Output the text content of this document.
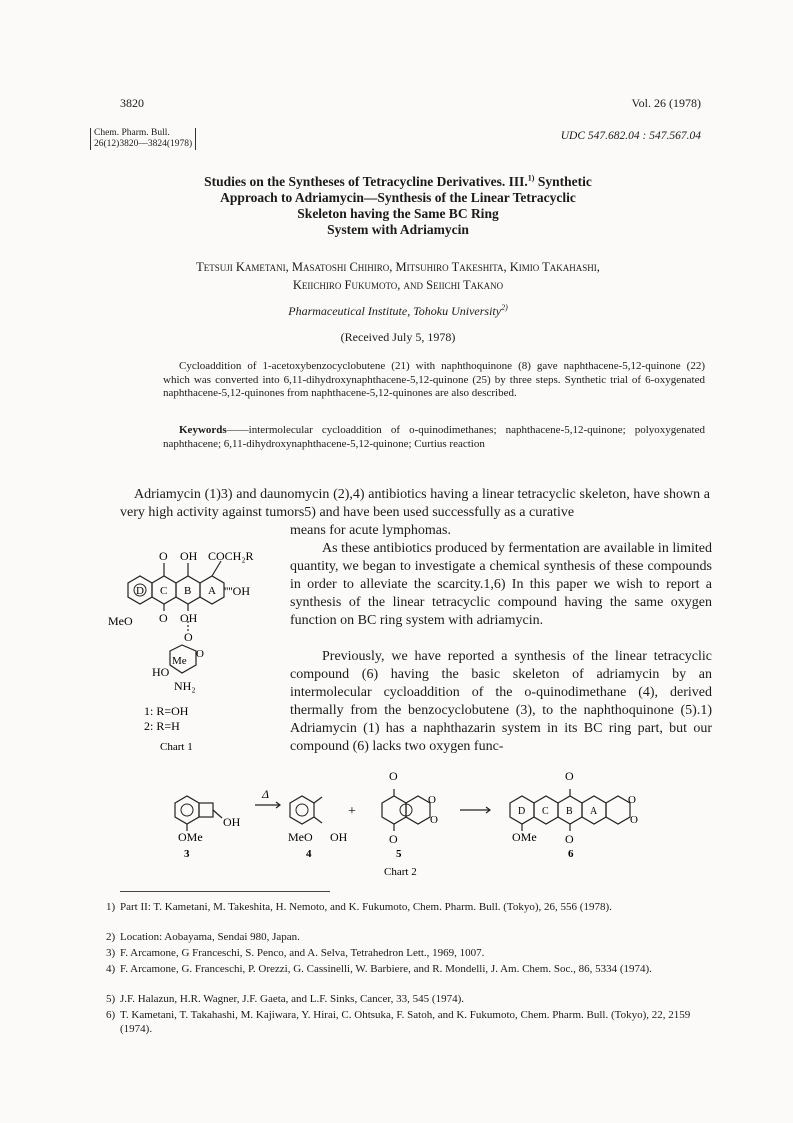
3820	Vol. 26 (1978)
Chem. Pharm. Bull.
26(12)3820—3824(1978)
UDC 547.682.04 : 547.567.04
Studies on the Syntheses of Tetracycline Derivatives. III.$^{1)}$ Synthetic
Approach to Adriamycin—Synthesis of the Linear Tetracyclic
Skeleton having the Same BC Ring
System with Adriamycin
Tetsuji Kametani, Masatoshi Chihiro, Mitsuhiro Takeshita, Kimio Takahashi,
Keiichiro Fukumoto, and Seiichi Takano
Pharmaceutical Institute, Tohoku University$^{2)}$
(Received July 5, 1978)
Cycloaddition of 1-acetoxybenzocyclobutene (21) with naphthoquinone (8) gave naphthacene-5,12-quinone (22) which was converted into 6,11-dihydroxynaphthacene-5,12-quinone (25) by three steps. Synthetic trial of 6-oxygenated naphthacene-5,12-quinones from naphthacene-5,12-quinones are also described.
Keywords——intermolecular cycloaddition of o-quinodimethanes; naphthacene-5,12-quinone; polyoxygenated naphthacene; 6,11-dihydroxynaphthacene-5,12-quinone; Curtius reaction
Adriamycin (1)3) and daunomycin (2),4) antibiotics having a linear tetracyclic skeleton, have shown a very high activity against tumors5) and have been used successfully as a curative
means for acute lymphomas.
As these antibiotics produced by fermentation are available in limited quantity, we began to investigate a chemical synthesis of these compounds in order to alleviate the scarcity.1,6) In this paper we wish to report a synthesis of the linear tetracyclic compound having the same oxygen function on BC ring system with adriamycin.
Previously, we have reported a synthesis of the linear tetracyclic compound (6) having the basic skeleton of adriamycin by an intermolecular cycloaddition of the o-quinodimethane (4), derived thermally from the benzocyclobutene (3), to the naphthoquinone (5).1) Adriamycin (1) has a naphthazarin system in its BC ring part, but our compound (6) lacks two oxygen func-
D C B A
O OH COCH₂R
''''OH
MeO O OH
O
O
Me
HO
NH₂
1: R=OH
2: R=H
Chart 1
Δ
+
OH
OMe	MeO OH
O
O
O
O
O
O
O
O
OMe
D C B A
3	4	5	6
Chart 2
1) Part II: T. Kametani, M. Takeshita, H. Nemoto, and K. Fukumoto, Chem. Pharm. Bull. (Tokyo), 26, 556 (1978).
2) Location: Aobayama, Sendai 980, Japan.
3) F. Arcamone, G Franceschi, S. Penco, and A. Selva, Tetrahedron Lett., 1969, 1007.
4) F. Arcamone, G. Franceschi, P. Orezzi, G. Cassinelli, W. Barbiere, and R. Mondelli, J. Am. Chem. Soc., 86, 5334 (1974).
5) J.F. Halazun, H.R. Wagner, J.F. Gaeta, and L.F. Sinks, Cancer, 33, 545 (1974).
6) T. Kametani, T. Takahashi, M. Kajiwara, Y. Hirai, C. Ohtsuka, F. Satoh, and K. Fukumoto, Chem. Pharm. Bull. (Tokyo), 22, 2159 (1974).
